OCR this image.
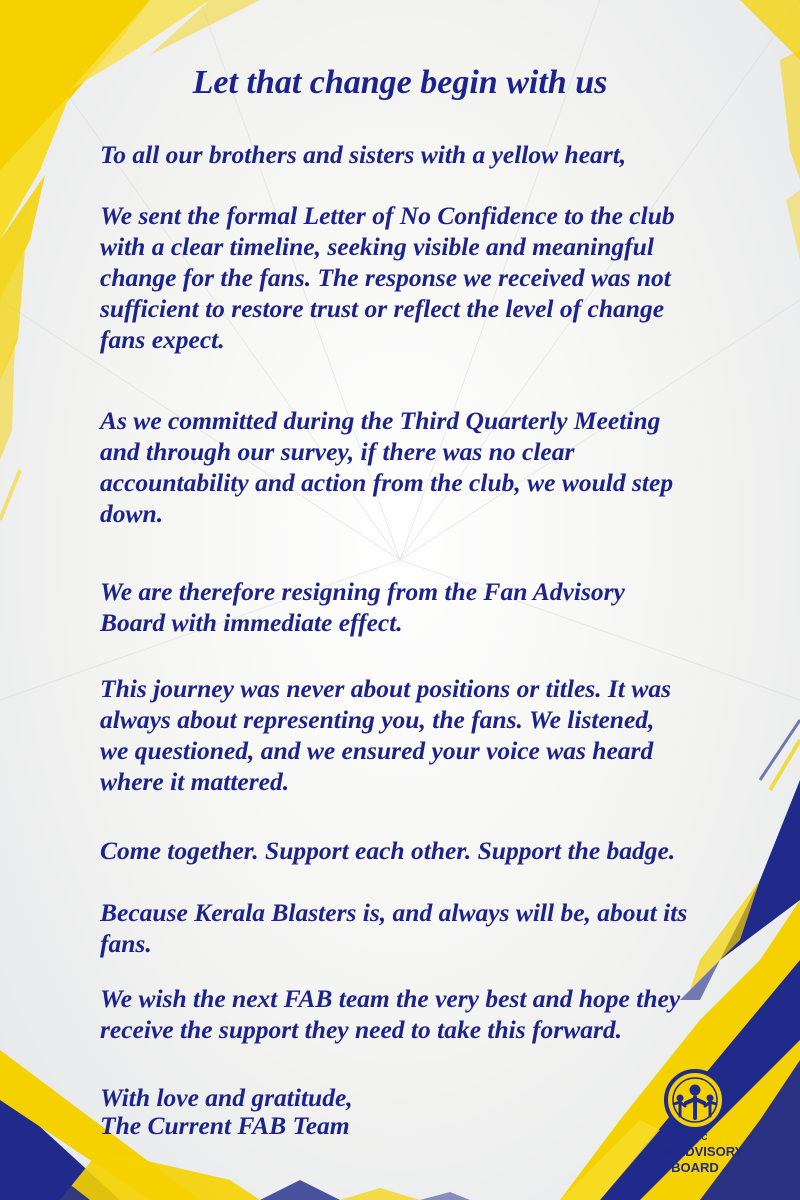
Let that change begin with us

To all our brothers and sisters with a yellow heart,

We sent the formal Letter of No Confidence to the club
with a clear timeline, seeking visible and meaningful
change for the fans. The response we received was not
sufficient to restore trust or reflect the level of change
fans expect.

As we committed during the Third Quarterly Meeting
and through our survey, if there was no clear
accountability and action from the club, we would step
down.

We are therefore resigning from the Fan Advisory
Board with immediate effect.

This journey was never about positions or titles. It was
always about representing you, the fans. We listened,
we questioned, and we ensured your voice was heard
where it mattered.

Come together. Support each other. Support the badge.

Because Kerala Blasters is, and always will be, about its
fans.

We wish the next FAB team the very best and hope they
receive the support they need to take this forward.

With love and gratitude,

The Current FAB Team	KBFC
FAN ADVISORY
BOARD
